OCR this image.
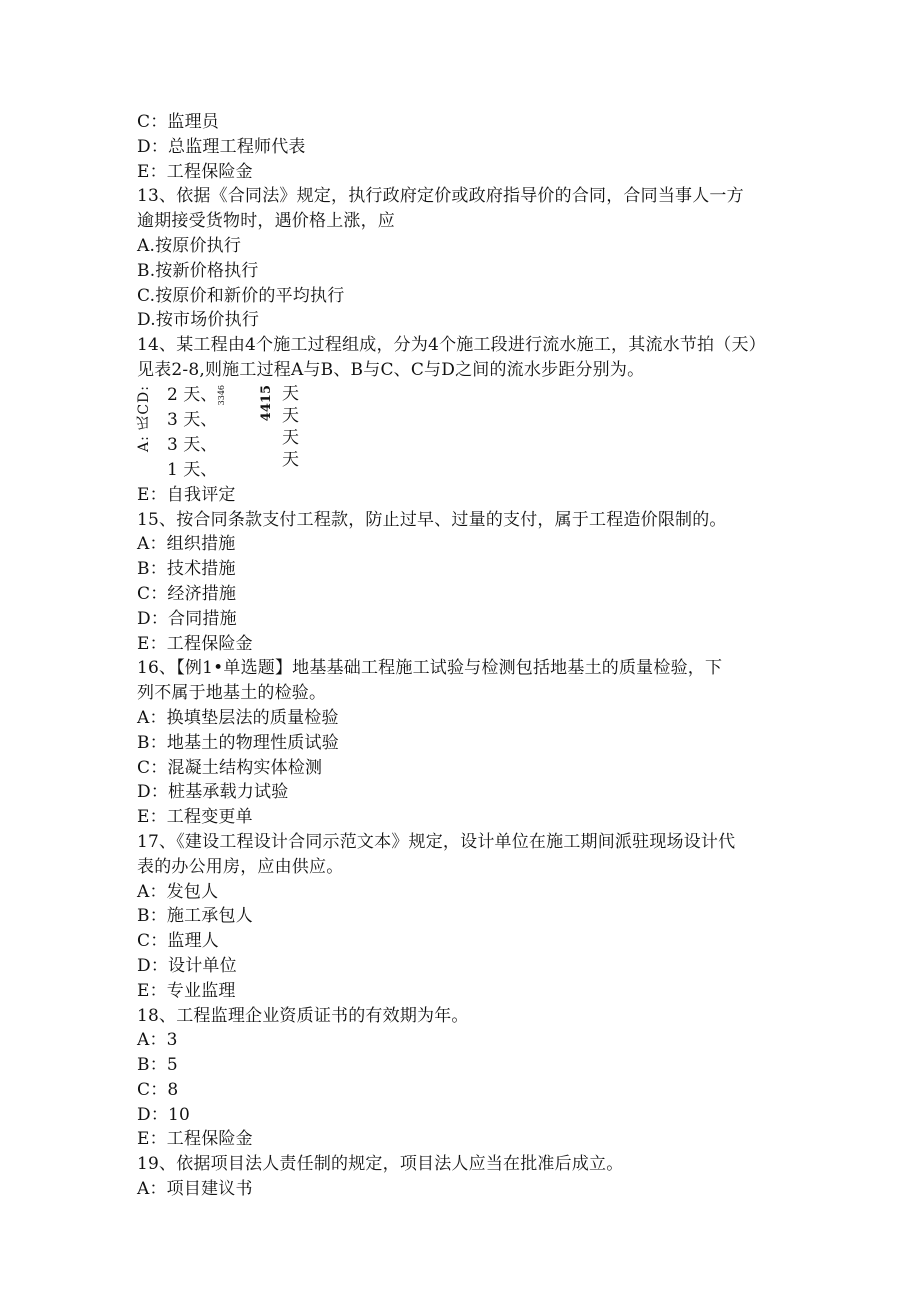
C：监理员
D：总监理工程师代表
E：工程保险金
13、依据《合同法》规定，执行政府定价或政府指导价的合同，合同当事人一方
逾期接受货物时，遇价格上涨，应
A.按原价执行
B.按新价格执行
C.按原价和新价的平均执行
D.按市场价执行
14、某工程由4个施工过程组成，分为4个施工段进行流水施工，其流水节拍（天）
见表2-8,则施工过程A与B、B与C、C与D之间的流水步距分别为。
A: 氐CD: 2 天、
3 天、
3 天、
1 天、
3346	4415 天
天
天
天
E：自我评定
15、按合同条款支付工程款，防止过早、过量的支付，属于工程造价限制的。
A：组织措施
B：技术措施
C：经济措施
D：合同措施
E：工程保险金
16、【例1•单选题】地基基础工程施工试验与检测包括地基土的质量检验，下
列不属于地基土的检验。
A：换填垫层法的质量检验
B：地基土的物理性质试验
C：混凝土结构实体检测
D：桩基承载力试验
E：工程变更单
17、《建设工程设计合同示范文本》规定，设计单位在施工期间派驻现场设计代
表的办公用房，应由供应。
A：发包人
B：施工承包人
C：监理人
D：设计单位
E：专业监理
18、工程监理企业资质证书的有效期为年。
A：3
B：5
C：8
D：10
E：工程保险金
19、依据项目法人责任制的规定，项目法人应当在批准后成立。
A：项目建议书
